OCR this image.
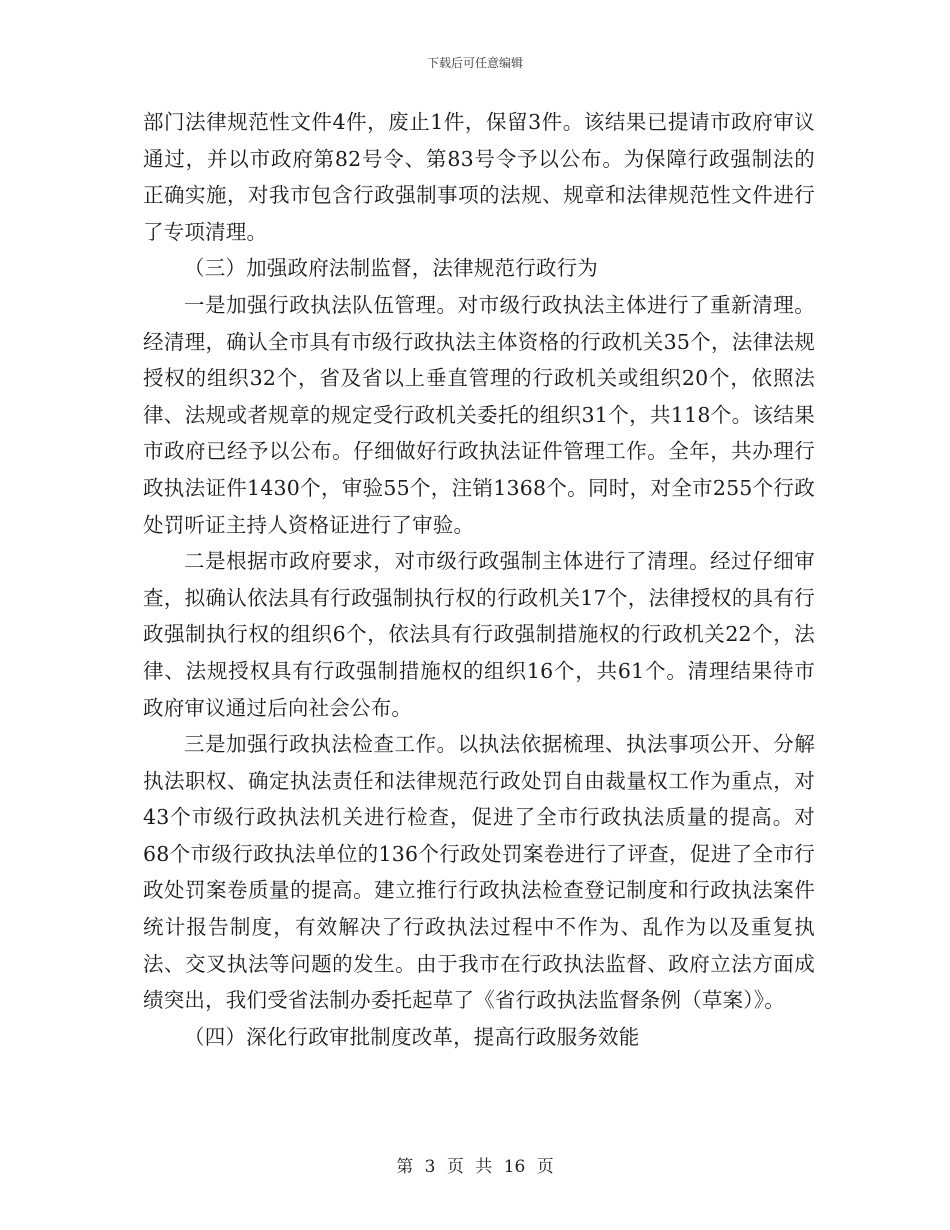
下载后可任意编辑

部门法律规范性文件4件，废止1件，保留3件。该结果已提请市政府审议通过，并以市政府第82号令、第83号令予以公布。为保障行政强制法的正确实施，对我市包含行政强制事项的法规、规章和法律规范性文件进行了专项清理。

（三）加强政府法制监督，法律规范行政行为

一是加强行政执法队伍管理。对市级行政执法主体进行了重新清理。经清理，确认全市具有市级行政执法主体资格的行政机关35个，法律法规授权的组织32个，省及省以上垂直管理的行政机关或组织20个，依照法律、法规或者规章的规定受行政机关委托的组织31个，共118个。该结果市政府已经予以公布。仔细做好行政执法证件管理工作。全年，共办理行政执法证件1430个，审验55个，注销1368个。同时，对全市255个行政处罚听证主持人资格证进行了审验。

二是根据市政府要求，对市级行政强制主体进行了清理。经过仔细审查，拟确认依法具有行政强制执行权的行政机关17个，法律授权的具有行政强制执行权的组织6个，依法具有行政强制措施权的行政机关22个，法律、法规授权具有行政强制措施权的组织16个，共61个。清理结果待市政府审议通过后向社会公布。

三是加强行政执法检查工作。以执法依据梳理、执法事项公开、分解执法职权、确定执法责任和法律规范行政处罚自由裁量权工作为重点，对43个市级行政执法机关进行检查，促进了全市行政执法质量的提高。对68个市级行政执法单位的136个行政处罚案卷进行了评查，促进了全市行政处罚案卷质量的提高。建立推行行政执法检查登记制度和行政执法案件统计报告制度，有效解决了行政执法过程中不作为、乱作为以及重复执法、交叉执法等问题的发生。由于我市在行政执法监督、政府立法方面成绩突出，我们受省法制办委托起草了《省行政执法监督条例（草案）》。

（四）深化行政审批制度改革，提高行政服务效能

第 3 页 共 16 页
